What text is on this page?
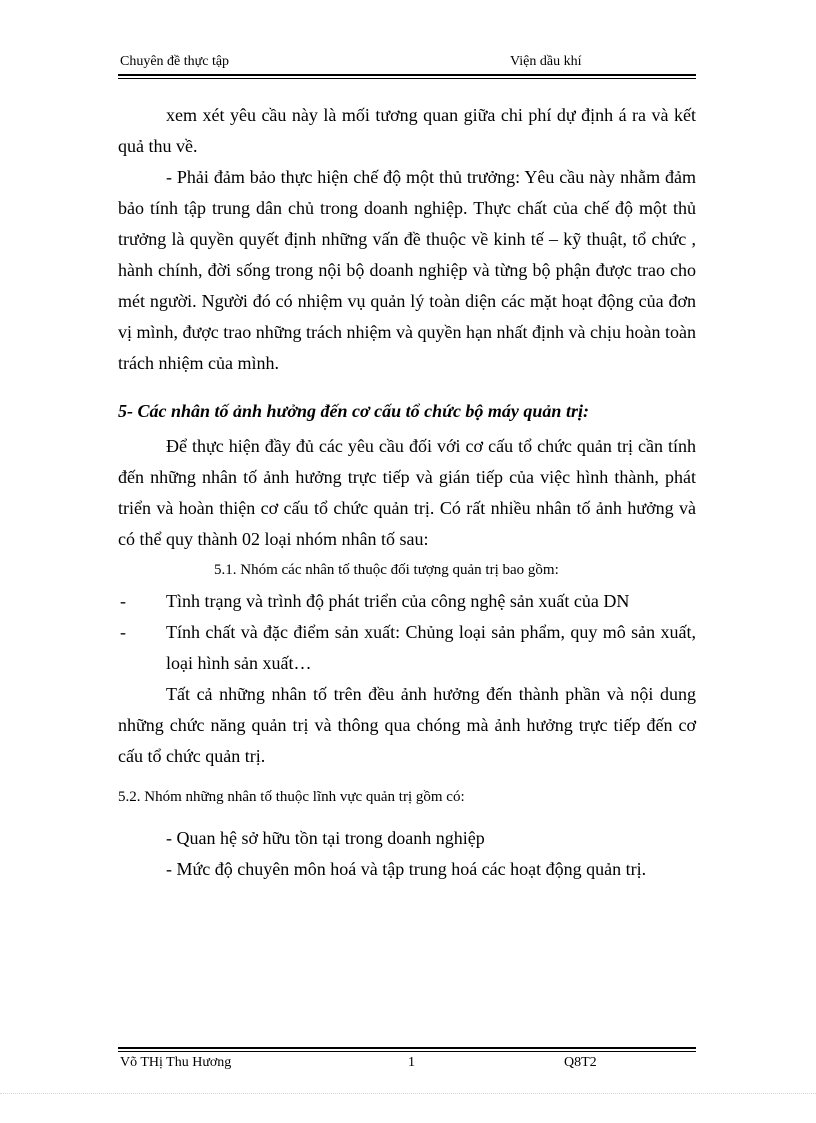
Chuyên đề thực tập	Viện dầu khí

xem xét yêu cầu này là mối tương quan giữa chi phí dự định á ra và kết quả thu về.

- Phải đảm bảo thực hiện chế độ một thủ trưởng: Yêu cầu này nhằm đảm bảo tính tập trung dân chủ trong doanh nghiệp. Thực chất của chế độ một thủ trưởng là quyền quyết định những vấn đề thuộc về kinh tế – kỹ thuật, tổ chức , hành chính, đời sống trong nội bộ doanh nghiệp và từng bộ phận được trao cho mét người. Người đó có nhiệm vụ quản lý toàn diện các mặt hoạt động của đơn vị mình, được trao những trách nhiệm và quyền hạn nhất định và chịu hoàn toàn trách nhiệm của mình.

5- Các nhân tố ảnh hưởng đến cơ cấu tổ chức bộ máy quản trị:

Để thực hiện đầy đủ các yêu cầu đối với cơ cấu tổ chức quản trị cần tính đến những nhân tố ảnh hưởng trực tiếp và gián tiếp của việc hình thành, phát triển và hoàn thiện cơ cấu tổ chức quản trị. Có rất nhiều nhân tố ảnh hưởng và có thể quy thành 02 loại nhóm nhân tố sau:

5.1. Nhóm các nhân tố thuộc đối tượng quản trị bao gồm:
-	Tình trạng và trình độ phát triển của công nghệ sản xuất của DN
-	Tính chất và đặc điểm sản xuất: Chủng loại sản phẩm, quy mô sản xuất, loại hình sản xuất…

Tất cả những nhân tố trên đều ảnh hưởng đến thành phần và nội dung những chức năng quản trị và thông qua chóng mà ảnh hưởng trực tiếp đến cơ cấu tổ chức quản trị.

5.2. Nhóm những nhân tố thuộc lĩnh vực quản trị gồm có:
- Quan hệ sở hữu tồn tại trong doanh nghiệp
- Mức độ chuyên môn hoá và tập trung hoá các hoạt động quản trị.
Võ THị Thu Hương	1	Q8T2
